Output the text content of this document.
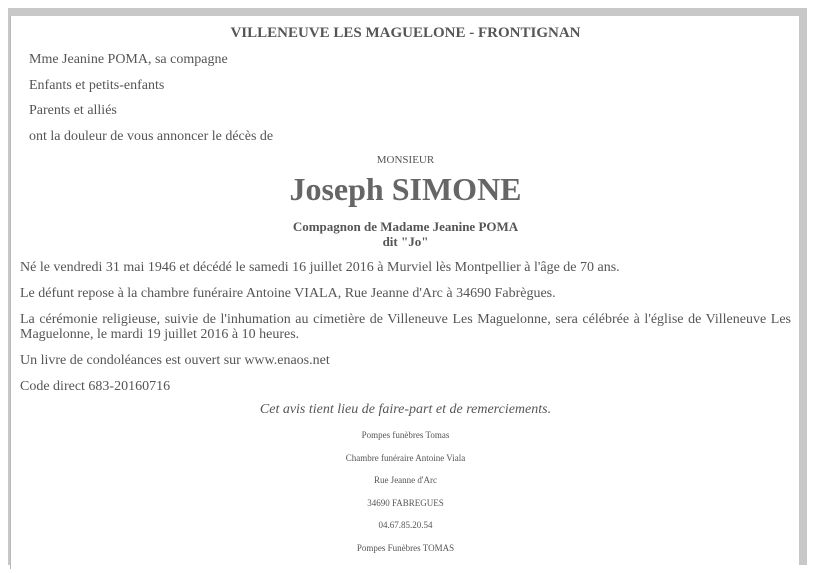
VILLENEUVE LES MAGUELONE - FRONTIGNAN
Mme Jeanine POMA, sa compagne
Enfants et petits-enfants
Parents et alliés
ont la douleur de vous annoncer le décès de
MONSIEUR
Joseph SIMONE
Compagnon de Madame Jeanine POMA
dit "Jo"
Né le vendredi 31 mai 1946 et décédé le samedi 16 juillet 2016 à Murviel lès Montpellier à l'âge de 70 ans.
Le défunt repose à la chambre funéraire Antoine VIALA, Rue Jeanne d'Arc à 34690 Fabrègues.
La cérémonie religieuse, suivie de l'inhumation au cimetière de Villeneuve Les Maguelonne, sera célébrée à l'église de Villeneuve Les Maguelonne, le mardi 19 juillet 2016 à 10 heures.
Un livre de condoléances est ouvert sur www.enaos.net
Code direct 683-20160716
Cet avis tient lieu de faire-part et de remerciements.
Pompes funèbres Tomas
Chambre funéraire Antoine Viala
Rue Jeanne d'Arc
34690 FABREGUES
04.67.85.20.54
Pompes Funèbres TOMAS
